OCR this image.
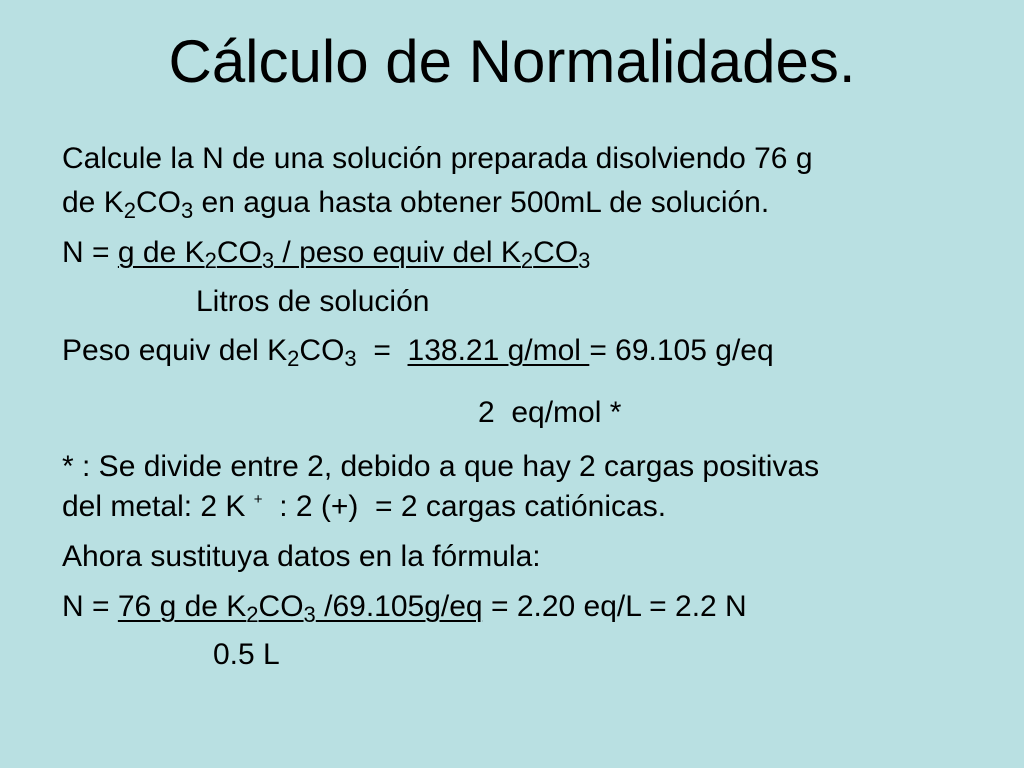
Cálculo de Normalidades.
Calcule la N de una solución preparada disolviendo 76 g
de $K_2CO_3$ en agua hasta obtener 500mL de solución.
N = g de $K_2CO_3$ / peso equiv del $K_2CO_3$
Litros de solución
Peso equiv del $K_2CO_3 = 138.21$ g/mol = 69.105 g/eq
2  eq/mol *
* : Se divide entre 2, debido a que hay 2 cargas positivas
del metal: 2 K +  : 2 (+)  = 2 cargas catiónicas.
Ahora sustituya datos en la fórmula:
N = 76 g de $K_2CO_3$ /69.105g/eq = 2.20 eq/L = 2.2 N
0.5 L
